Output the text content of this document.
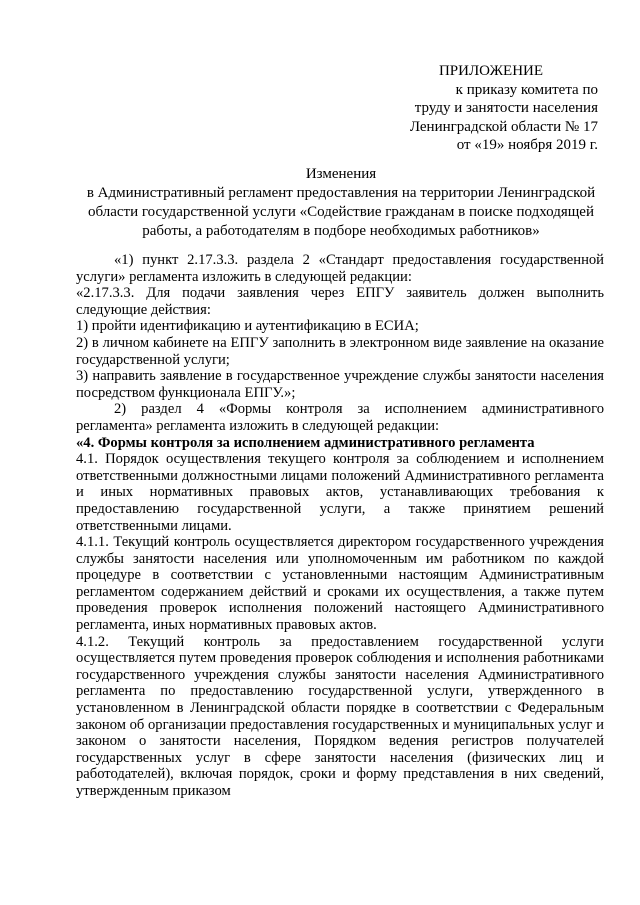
ПРИЛОЖЕНИЕ
к приказу комитета по
труду и занятости населения
Ленинградской области № 17
от «19» ноября 2019 г.
Изменения
в Административный регламент предоставления на территории Ленинградской области государственной услуги «Содействие гражданам в поиске подходящей работы, а работодателям в подборе необходимых работников»

«1) пункт 2.17.3.3. раздела 2 «Стандарт предоставления государственной услуги» регламента изложить в следующей редакции:

«2.17.3.3. Для подачи заявления через ЕПГУ заявитель должен выполнить следующие действия:

1) пройти идентификацию и аутентификацию в ЕСИА;

2) в личном кабинете на ЕПГУ заполнить в электронном виде заявление на оказание государственной услуги;

3) направить заявление в государственное учреждение службы занятости населения посредством функционала ЕПГУ.»;

2) раздел 4 «Формы контроля за исполнением административного регламента» регламента изложить в следующей редакции:

«4. Формы контроля за исполнением административного регламента

4.1. Порядок осуществления текущего контроля за соблюдением и исполнением ответственными должностными лицами положений Административного регламента и иных нормативных правовых актов, устанавливающих требования к предоставлению государственной услуги, а также принятием решений ответственными лицами.

4.1.1. Текущий контроль осуществляется директором государственного учреждения службы занятости населения или уполномоченным им работником по каждой процедуре в соответствии с установленными настоящим Административным регламентом содержанием действий и сроками их осуществления, а также путем проведения проверок исполнения положений настоящего Административного регламента, иных нормативных правовых актов.

4.1.2. Текущий контроль за предоставлением государственной услуги осуществляется путем проведения проверок соблюдения и исполнения работниками государственного учреждения службы занятости населения Административного регламента по предоставлению государственной услуги, утвержденного в установленном в Ленинградской области порядке в соответствии с Федеральным законом об организации предоставления государственных и муниципальных услуг и законом о занятости населения, Порядком ведения регистров получателей государственных услуг в сфере занятости населения (физических лиц и работодателей), включая порядок, сроки и форму представления в них сведений, утвержденным приказом
